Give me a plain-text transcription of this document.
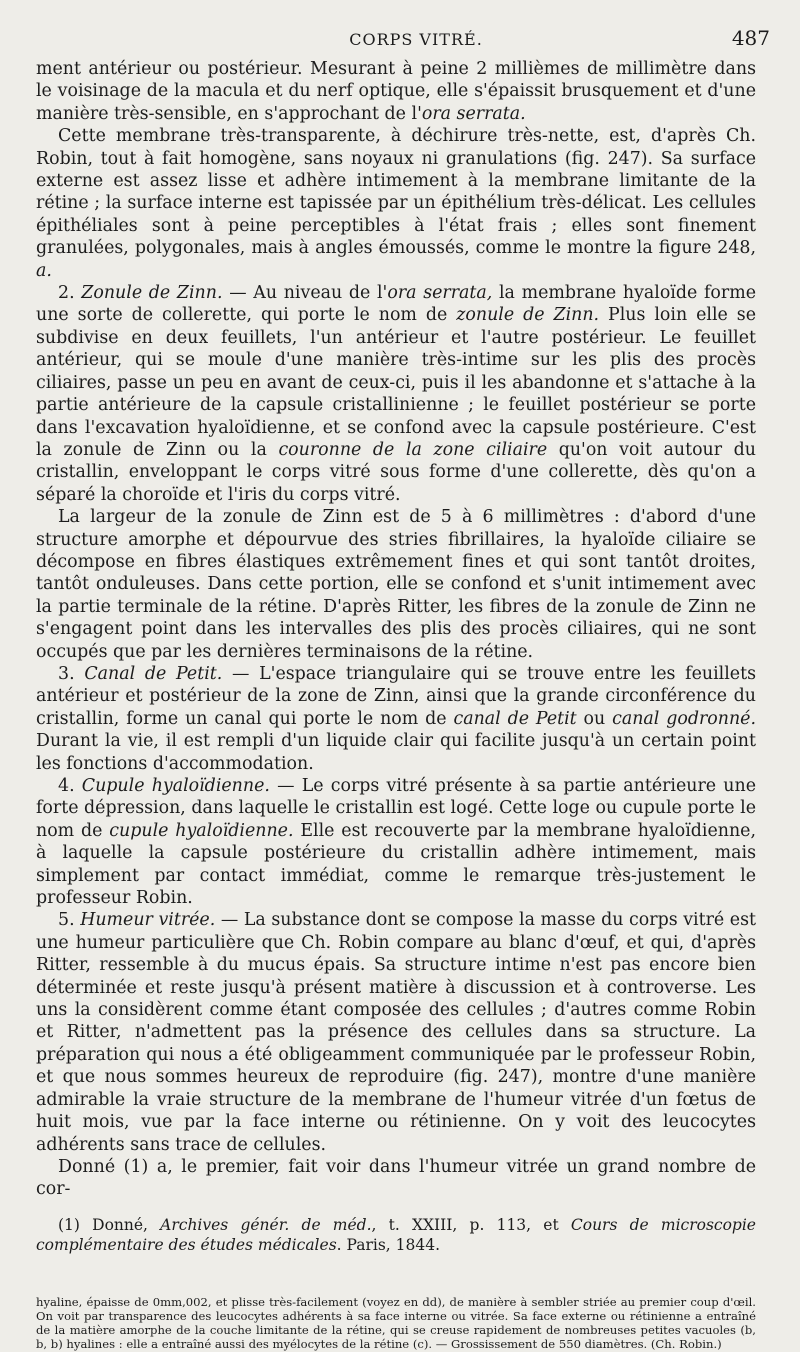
CORPS VITRÉ.	487

ment antérieur ou postérieur. Mesurant à peine 2 millièmes de millimètre dans le voisinage de la macula et du nerf optique, elle s'épaissit brusquement et d'une manière très-sensible, en s'approchant de l'ora serrata.

Cette membrane très-transparente, à déchirure très-nette, est, d'après Ch. Robin, tout à fait homogène, sans noyaux ni granulations (fig. 247). Sa surface externe est assez lisse et adhère intimement à la membrane limitante de la rétine ; la surface interne est tapissée par un épithélium très-délicat. Les cellules épithéliales sont à peine perceptibles à l'état frais ; elles sont finement granulées, polygonales, mais à angles émoussés, comme le montre la figure 248, a.

2. Zonule de Zinn. — Au niveau de l'ora serrata, la membrane hyaloïde forme une sorte de collerette, qui porte le nom de zonule de Zinn. Plus loin elle se subdivise en deux feuillets, l'un antérieur et l'autre postérieur. Le feuillet antérieur, qui se moule d'une manière très-intime sur les plis des procès ciliaires, passe un peu en avant de ceux-ci, puis il les abandonne et s'attache à la partie antérieure de la capsule cristallinienne ; le feuillet postérieur se porte dans l'excavation hyaloïdienne, et se confond avec la capsule postérieure. C'est la zonule de Zinn ou la couronne de la zone ciliaire qu'on voit autour du cristallin, enveloppant le corps vitré sous forme d'une collerette, dès qu'on a séparé la choroïde et l'iris du corps vitré.

La largeur de la zonule de Zinn est de 5 à 6 millimètres : d'abord d'une structure amorphe et dépourvue des stries fibrillaires, la hyaloïde ciliaire se décompose en fibres élastiques extrêmement fines et qui sont tantôt droites, tantôt onduleuses. Dans cette portion, elle se confond et s'unit intimement avec la partie terminale de la rétine. D'après Ritter, les fibres de la zonule de Zinn ne s'engagent point dans les intervalles des plis des procès ciliaires, qui ne sont occupés que par les dernières terminaisons de la rétine.

3. Canal de Petit. — L'espace triangulaire qui se trouve entre les feuillets antérieur et postérieur de la zone de Zinn, ainsi que la grande circonférence du cristallin, forme un canal qui porte le nom de canal de Petit ou canal godronné. Durant la vie, il est rempli d'un liquide clair qui facilite jusqu'à un certain point les fonctions d'accommodation.

4. Cupule hyaloïdienne. — Le corps vitré présente à sa partie antérieure une forte dépression, dans laquelle le cristallin est logé. Cette loge ou cupule porte le nom de cupule hyaloïdienne. Elle est recouverte par la membrane hyaloïdienne, à laquelle la capsule postérieure du cristallin adhère intimement, mais simplement par contact immédiat, comme le remarque très-justement le professeur Robin.

5. Humeur vitrée. — La substance dont se compose la masse du corps vitré est une humeur particulière que Ch. Robin compare au blanc d'œuf, et qui, d'après Ritter, ressemble à du mucus épais. Sa structure intime n'est pas encore bien déterminée et reste jusqu'à présent matière à discussion et à controverse. Les uns la considèrent comme étant composée des cellules ; d'autres comme Robin et Ritter, n'admettent pas la présence des cellules dans sa structure. La préparation qui nous a été obligeamment communiquée par le professeur Robin, et que nous sommes heureux de reproduire (fig. 247), montre d'une manière admirable la vraie structure de la membrane de l'humeur vitrée d'un fœtus de huit mois, vue par la face interne ou rétinienne. On y voit des leucocytes adhérents sans trace de cellules.

Donné (1) a, le premier, fait voir dans l'humeur vitrée un grand nombre de cor-

(1) Donné, Archives génér. de méd., t. XXIII, p. 113, et Cours de microscopie complémentaire des études médicales. Paris, 1844.

hyaline, épaisse de 0mm,002, et plisse très-facilement (voyez en dd), de manière à sembler striée au premier coup d'œil. On voit par transparence des leucocytes adhérents à sa face interne ou vitrée. Sa face externe ou rétinienne a entraîné de la matière amorphe de la couche limitante de la rétine, qui se creuse rapidement de nombreuses petites vacuoles (b, b, b) hyalines : elle a entraîné aussi des myélocytes de la rétine (c). — Grossissement de 550 diamètres. (Ch. Robin.)
